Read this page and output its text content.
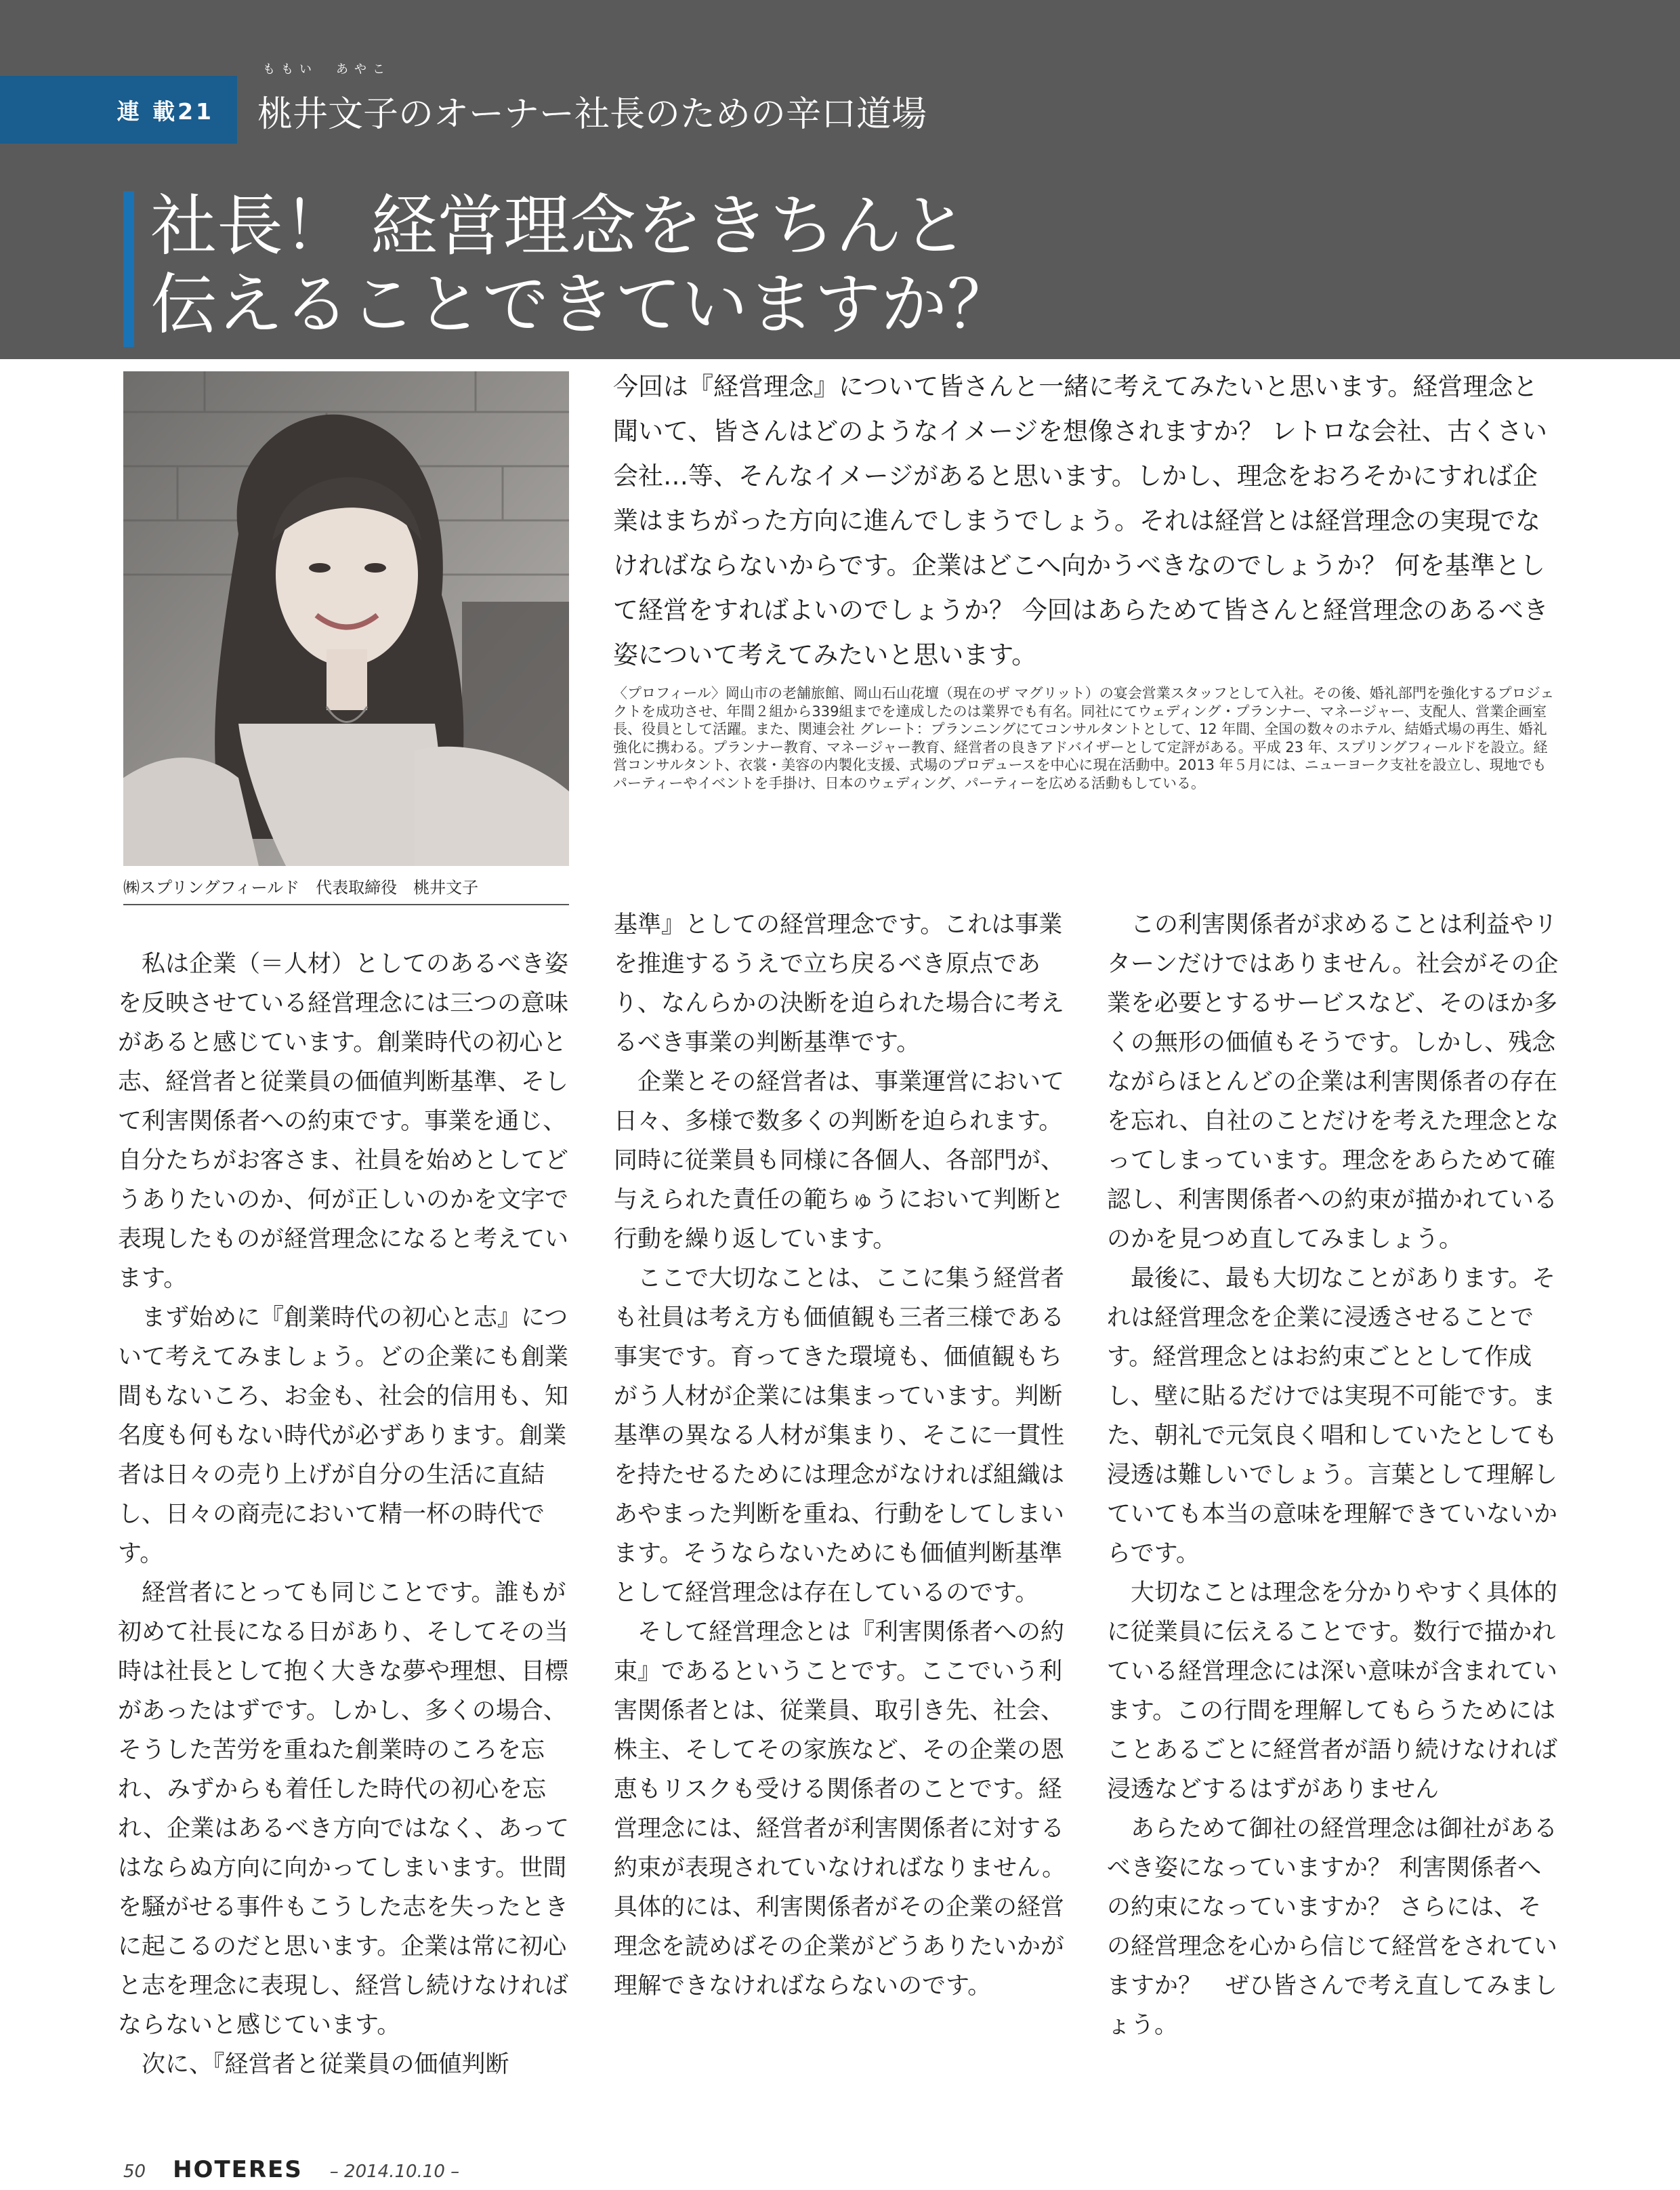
連 載21
ももい　あやこ
桃井文子のオーナー社長のための辛口道場
社長！ 経営理念をきちんと
伝えることできていますか？
㈱スプリングフィールド　代表取締役　桃井文子

今回は『経営理念』について皆さんと一緒に考えてみたいと思います。経営理念と聞いて、皆さんはどのようなイメージを想像されますか？ レトロな会社、古くさい会社…等、そんなイメージがあると思います。しかし、理念をおろそかにすれば企業はまちがった方向に進んでしまうでしょう。それは経営とは経営理念の実現でなければならないからです。企業はどこへ向かうべきなのでしょうか？ 何を基準として経営をすればよいのでしょうか？ 今回はあらためて皆さんと経営理念のあるべき姿について考えてみたいと思います。

〈プロフィール〉岡山市の老舗旅館、岡山石山花壇（現在のザ マグリット）の宴会営業スタッフとして入社。その後、婚礼部門を強化するプロジェクトを成功させ、年間２組から339組までを達成したのは業界でも有名。同社にてウェディング・プランナー、マネージャー、支配人、営業企画室長、役員として活躍。また、関連会社 グレート：プランニングにてコンサルタントとして、12 年間、全国の数々のホテル、結婚式場の再生、婚礼強化に携わる。プランナー教育、マネージャー教育、経営者の良きアドバイザーとして定評がある。平成 23 年、スプリングフィールドを設立。経営コンサルタント、衣裳・美容の内製化支援、式場のプロデュースを中心に現在活動中。2013 年５月には、ニューヨーク支社を設立し、現地でもパーティーやイベントを手掛け、日本のウェディング、パーティーを広める活動もしている。

私は企業（＝人材）としてのあるべき姿を反映させている経営理念には三つの意味があると感じています。創業時代の初心と志、経営者と従業員の価値判断基準、そして利害関係者への約束です。事業を通じ、自分たちがお客さま、社員を始めとしてどうありたいのか、何が正しいのかを文字で表現したものが経営理念になると考えています。

まず始めに『創業時代の初心と志』について考えてみましょう。どの企業にも創業間もないころ、お金も、社会的信用も、知名度も何もない時代が必ずあります。創業者は日々の売り上げが自分の生活に直結し、日々の商売において精一杯の時代です。

経営者にとっても同じことです。誰もが初めて社長になる日があり、そしてその当時は社長として抱く大きな夢や理想、目標があったはずです。しかし、多くの場合、そうした苦労を重ねた創業時のころを忘れ、みずからも着任した時代の初心を忘れ、企業はあるべき方向ではなく、あってはならぬ方向に向かってしまいます。世間を騒がせる事件もこうした志を失ったときに起こるのだと思います。企業は常に初心と志を理念に表現し、経営し続けなければならないと感じています。

次に、『経営者と従業員の価値判断

基準』としての経営理念です。これは事業を推進するうえで立ち戻るべき原点であり、なんらかの決断を迫られた場合に考えるべき事業の判断基準です。

企業とその経営者は、事業運営において日々、多様で数多くの判断を迫られます。同時に従業員も同様に各個人、各部門が、与えられた責任の範ちゅうにおいて判断と行動を繰り返しています。

ここで大切なことは、ここに集う経営者も社員は考え方も価値観も三者三様である事実です。育ってきた環境も、価値観もちがう人材が企業には集まっています。判断基準の異なる人材が集まり、そこに一貫性を持たせるためには理念がなければ組織はあやまった判断を重ね、行動をしてしまいます。そうならないためにも価値判断基準として経営理念は存在しているのです。

そして経営理念とは『利害関係者への約束』であるということです。ここでいう利害関係者とは、従業員、取引き先、社会、株主、そしてその家族など、その企業の恩恵もリスクも受ける関係者のことです。経営理念には、経営者が利害関係者に対する約束が表現されていなければなりません。具体的には、利害関係者がその企業の経営理念を読めばその企業がどうありたいかが理解できなければならないのです。

この利害関係者が求めることは利益やリターンだけではありません。社会がその企業を必要とするサービスなど、そのほか多くの無形の価値もそうです。しかし、残念ながらほとんどの企業は利害関係者の存在を忘れ、自社のことだけを考えた理念となってしまっています。理念をあらためて確認し、利害関係者への約束が描かれているのかを見つめ直してみましょう。

最後に、最も大切なことがあります。それは経営理念を企業に浸透させることです。経営理念とはお約束ごととして作成し、壁に貼るだけでは実現不可能です。また、朝礼で元気良く唱和していたとしても浸透は難しいでしょう。言葉として理解していても本当の意味を理解できていないからです。

大切なことは理念を分かりやすく具体的に従業員に伝えることです。数行で描かれている経営理念には深い意味が含まれています。この行間を理解してもらうためにはことあるごとに経営者が語り続けなければ浸透などするはずがありません

あらためて御社の経営理念は御社があるべき姿になっていますか？ 利害関係者への約束になっていますか？ さらには、その経営理念を心から信じて経営をされていますか？　ぜひ皆さんで考え直してみましょう。

50 HOTERES – 2014.10.10 –
